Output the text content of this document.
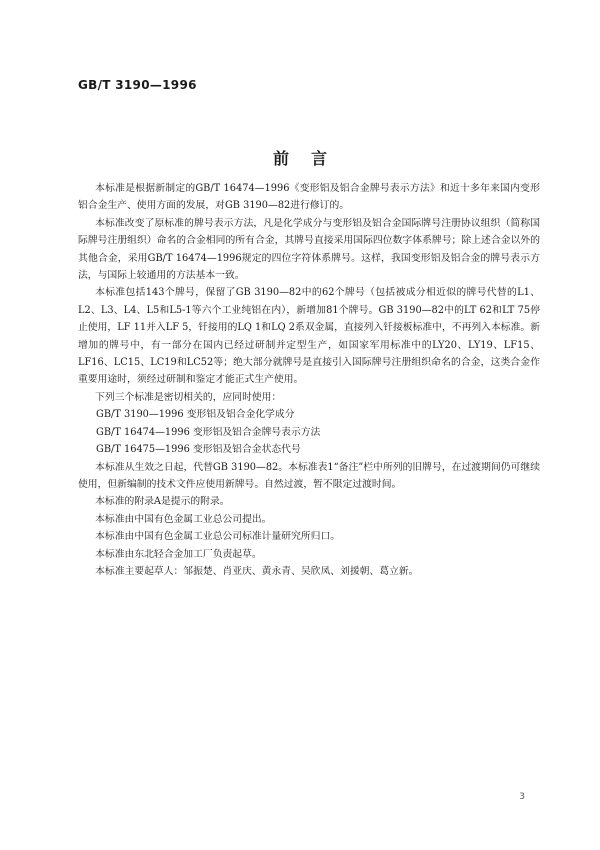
GB/T 3190—1996
前言

本标准是根据新制定的GB/T 16474—1996《变形铝及铝合金牌号表示方法》和近十多年来国内变形铝合金生产、使用方面的发展，对GB 3190—82进行修订的。

本标准改变了原标准的牌号表示方法，凡是化学成分与变形铝及铝合金国际牌号注册协议组织（简称国际牌号注册组织）命名的合金相同的所有合金，其牌号直接采用国际四位数字体系牌号；除上述合金以外的其他合金，采用GB/T 16474—1996规定的四位字符体系牌号。这样，我国变形铝及铝合金的牌号表示方法，与国际上较通用的方法基本一致。

本标准包括143个牌号，保留了GB 3190—82中的62个牌号（包括被成分相近似的牌号代替的L1、L2、L3、L4、L5和L5-1等六个工业纯铝在内），新增加81个牌号。GB 3190—82中的LT 62和LT 75停止使用，LF 11并入LF 5，钎接用的LQ 1和LQ 2系双金属，直接列入钎接板标准中，不再列入本标准。新增加的牌号中，有一部分在国内已经过研制并定型生产，如国家军用标准中的LY20、LY19、LF15、LF16、LC15、LC19和LC52等；绝大部分就牌号是直接引入国际牌号注册组织命名的合金，这类合金作重要用途时，须经过研制和鉴定才能正式生产使用。

下列三个标准是密切相关的，应同时使用：

GB/T 3190—1996 变形铝及铝合金化学成分
GB/T 16474—1996 变形铝及铝合金牌号表示方法
GB/T 16475—1996 变形铝及铝合金状态代号

本标准从生效之日起，代替GB 3190—82。本标准表1“备注”栏中所列的旧牌号，在过渡期间仍可继续使用，但新编制的技术文件应使用新牌号。自然过渡，暂不限定过渡时间。

本标准的附录A是提示的附录。

本标准由中国有色金属工业总公司提出。

本标准由中国有色金属工业总公司标准计量研究所归口。

本标准由东北轻合金加工厂负责起草。

本标准主要起草人：邹振楚、肖亚庆、黄永青、吴欣凤、刘援朝、葛立新。

3
